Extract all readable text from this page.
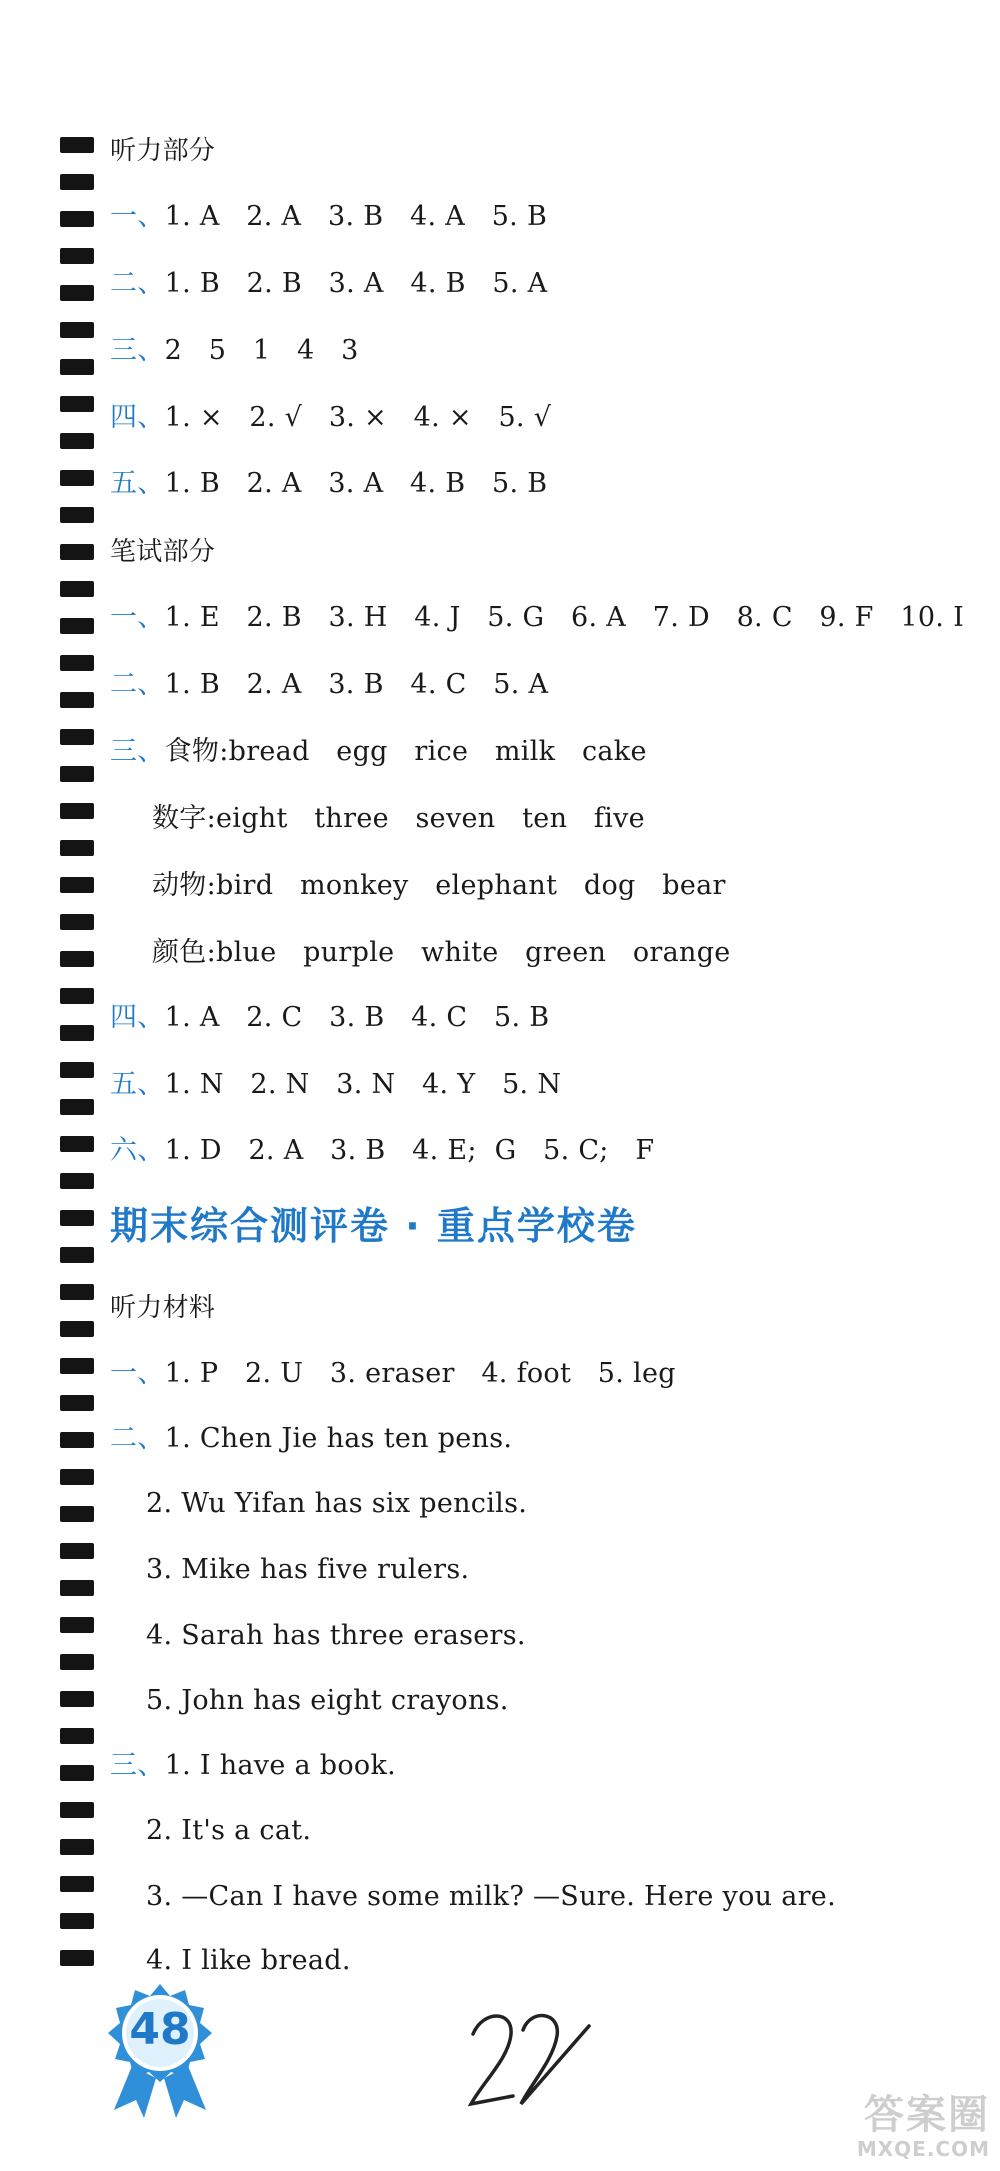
听力部分
一、1. A   2. A   3. B   4. A   5. B
二、1. B   2. B   3. A   4. B   5. A
三、2   5   1   4   3
四、1. ×   2. √   3. ×   4. ×   5. √
五、1. B   2. A   3. A   4. B   5. B
笔试部分
一、1. E   2. B   3. H   4. J   5. G   6. A   7. D   8. C   9. F   10. I
二、1. B   2. A   3. B   4. C   5. A
三、食物:bread   egg   rice   milk   cake
数字:eight   three   seven   ten   five
动物:bird   monkey   elephant   dog   bear
颜色:blue   purple   white   green   orange
四、1. A   2. C   3. B   4. C   5. B
五、1. N   2. N   3. N   4. Y   5. N
六、1. D   2. A   3. B   4. E;  G   5. C;   F
期末综合测评卷 · 重点学校卷
听力材料
一、1. P   2. U   3. eraser   4. foot   5. leg
二、1. Chen Jie has ten pens.
2. Wu Yifan has six pencils.
3. Mike has five rulers.
4. Sarah has three erasers.
5. John has eight crayons.
三、1. I have a book.
2. It's a cat.
3. —Can I have some milk? —Sure. Here you are.
4. I like bread.
48
答案圈
MXQE.COM
